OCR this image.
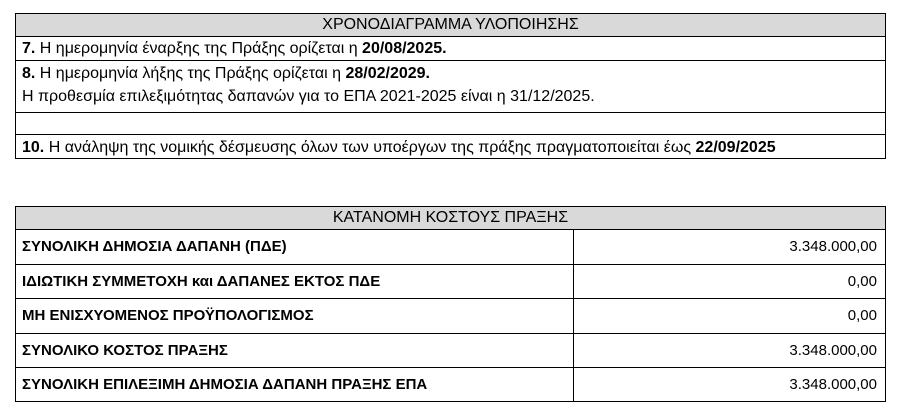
ΧΡΟΝΟΔΙΑΓΡΑΜΜΑ ΥΛΟΠΟΙΗΣΗΣ
7. Η ημερομηνία έναρξης της Πράξης ορίζεται η 20/08/2025.
8. Η ημερομηνία λήξης της Πράξης ορίζεται η 28/02/2029.
Η προθεσμία επιλεξιμότητας δαπανών για το ΕΠΑ 2021-2025 είναι η 31/12/2025.
10. Η ανάληψη της νομικής δέσμευσης όλων των υποέργων της πράξης πραγματοποιείται έως 22/09/2025
ΚΑΤΑΝΟΜΗ ΚΟΣΤΟΥΣ ΠΡΑΞΗΣ
ΣΥΝΟΛΙΚΗ ΔΗΜΟΣΙΑ ΔΑΠΑΝΗ (ΠΔΕ)	3.348.000,00
ΙΔΙΩΤΙΚΗ ΣΥΜΜΕΤΟΧΗ και ΔΑΠΑΝΕΣ ΕΚΤΟΣ ΠΔΕ	0,00
ΜΗ ΕΝΙΣΧΥΟΜΕΝΟΣ ΠΡΟΫΠΟΛΟΓΙΣΜΟΣ	0,00
ΣΥΝΟΛΙΚΟ ΚΟΣΤΟΣ ΠΡΑΞΗΣ	3.348.000,00
ΣΥΝΟΛΙΚΗ ΕΠΙΛΕΞΙΜΗ ΔΗΜΟΣΙΑ ΔΑΠΑΝΗ ΠΡΑΞΗΣ ΕΠΑ	3.348.000,00
